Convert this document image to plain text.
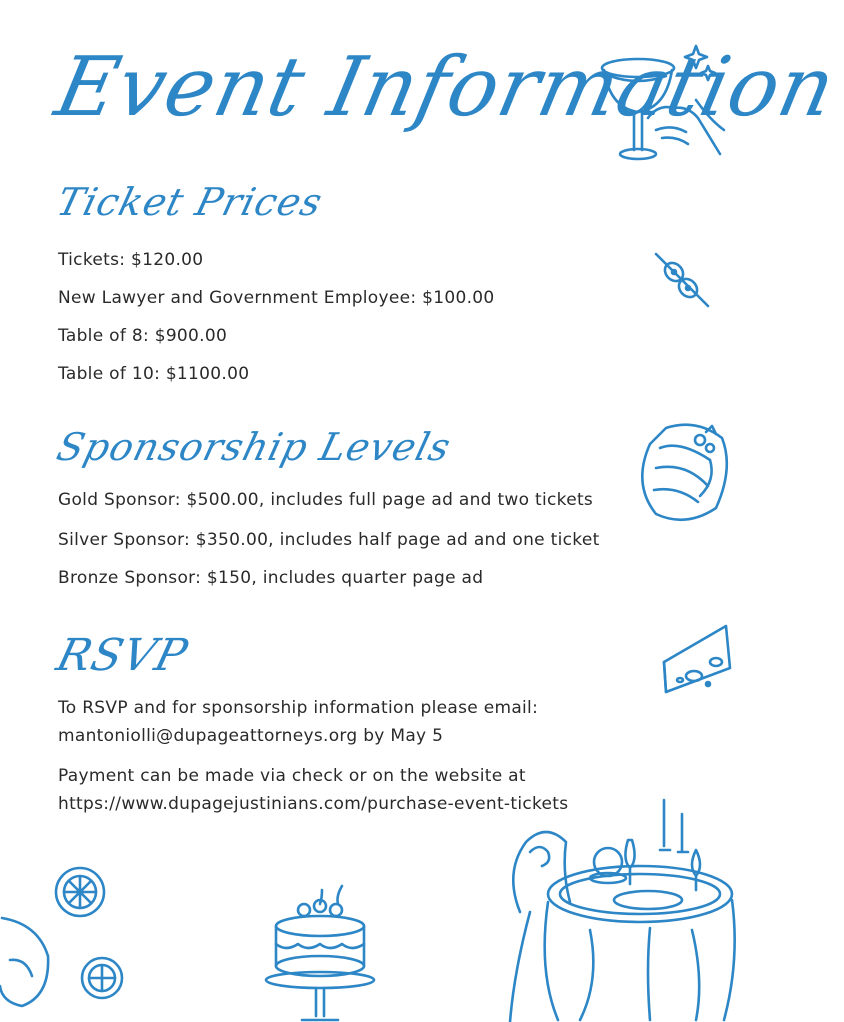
Event Information
Ticket Prices
Tickets: $120.00
New Lawyer and Government Employee: $100.00
Table of 8: $900.00
Table of 10: $1100.00
Sponsorship Levels
Gold Sponsor: $500.00, includes full page ad and two tickets
Silver Sponsor: $350.00, includes half page ad and one ticket
Bronze Sponsor: $150, includes quarter page ad
RSVP
To RSVP and for sponsorship information please email:
mantoniolli@dupageattorneys.org by May 5
Payment can be made via check or on the website at
https://www.dupagejustinians.com/purchase-event-tickets
